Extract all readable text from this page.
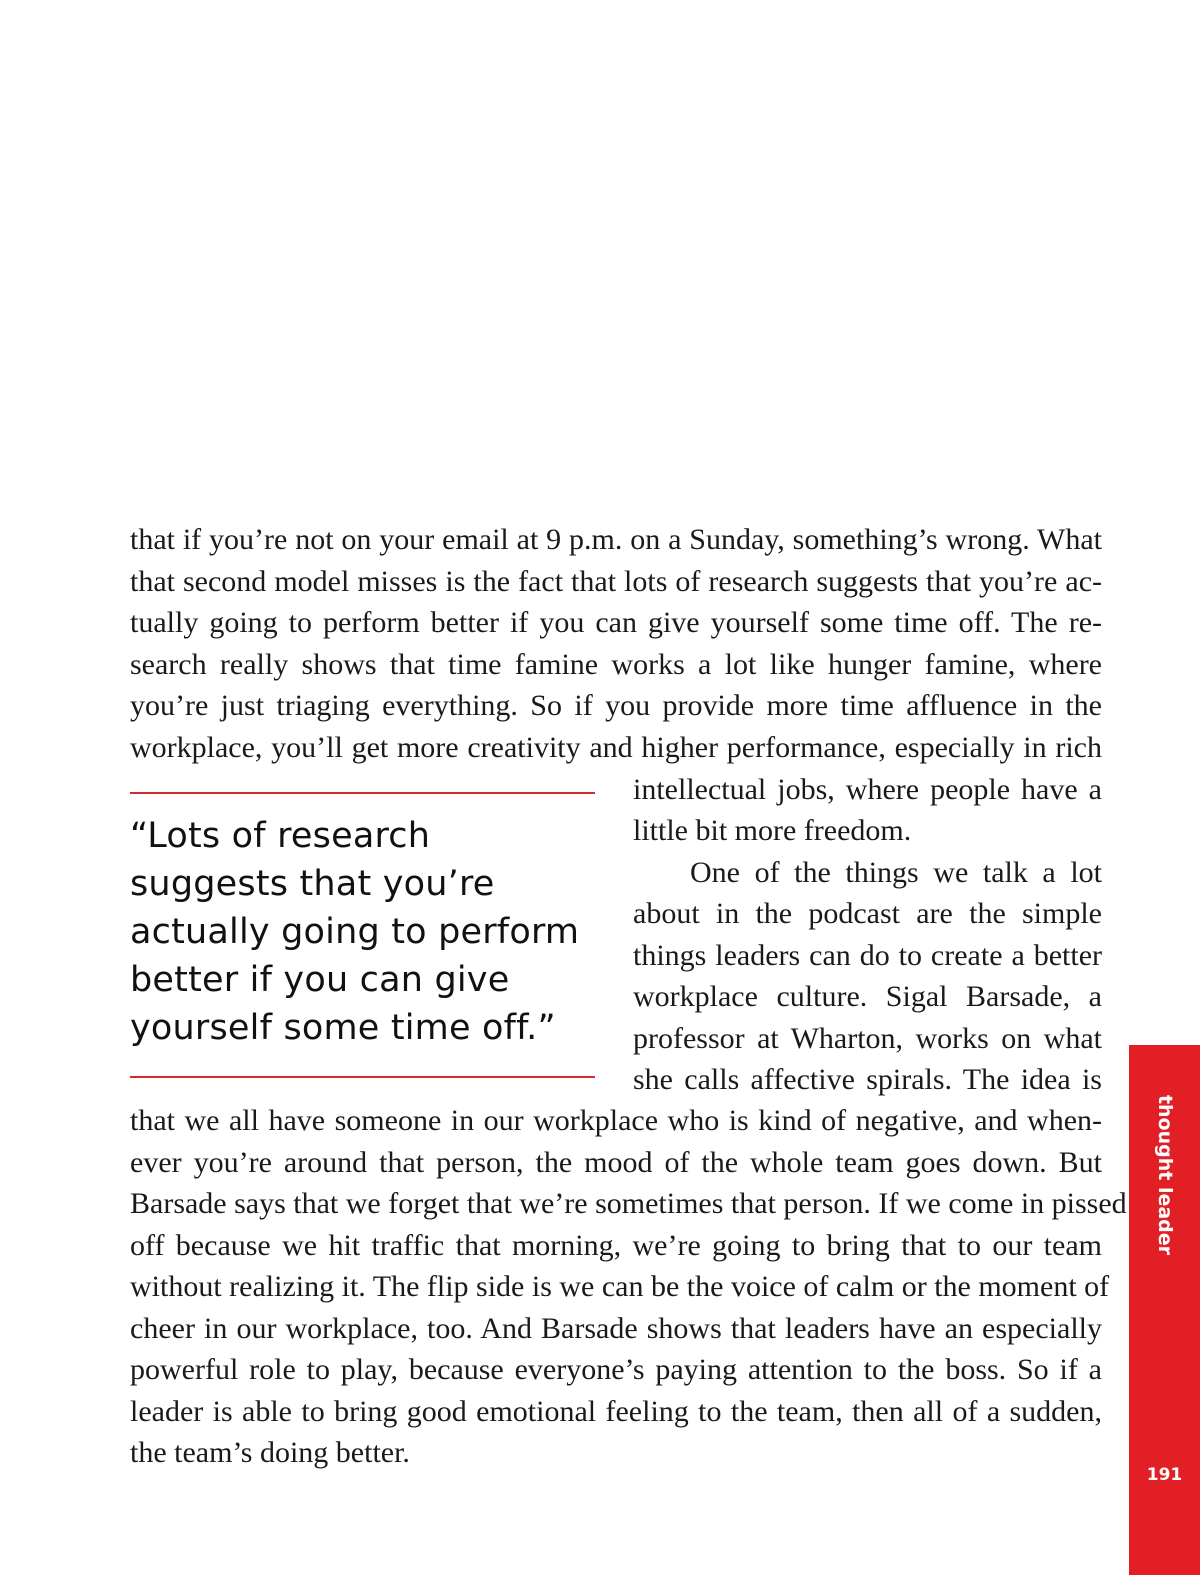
that if you’re not on your email at 9 p.m. on a Sunday, something’s wrong. What
that second model misses is the fact that lots of research suggests that you’re ac-
tually going to perform better if you can give yourself some time off. The re-
search really shows that time famine works a lot like hunger famine, where
you’re just triaging everything. So if you provide more time affluence in the
workplace, you’ll get more creativity and higher performance, especially in rich
intellectual jobs, where people have a
little bit more freedom.
One of the things we talk a lot
about in the podcast are the simple
things leaders can do to create a better
workplace culture. Sigal Barsade, a
professor at Wharton, works on what
she calls affective spirals. The idea is
that we all have someone in our workplace who is kind of negative, and when-
ever you’re around that person, the mood of the whole team goes down. But
Barsade says that we forget that we’re sometimes that person. If we come in pissed
off because we hit traffic that morning, we’re going to bring that to our team
without realizing it. The flip side is we can be the voice of calm or the moment of
cheer in our workplace, too. And Barsade shows that leaders have an especially
powerful role to play, because everyone’s paying attention to the boss. So if a
leader is able to bring good emotional feeling to the team, then all of a sudden,
the team’s doing better.
“Lots of research
suggests that you’re
actually going to perform
better if you can give
yourself some time off.”
thought leader
191
